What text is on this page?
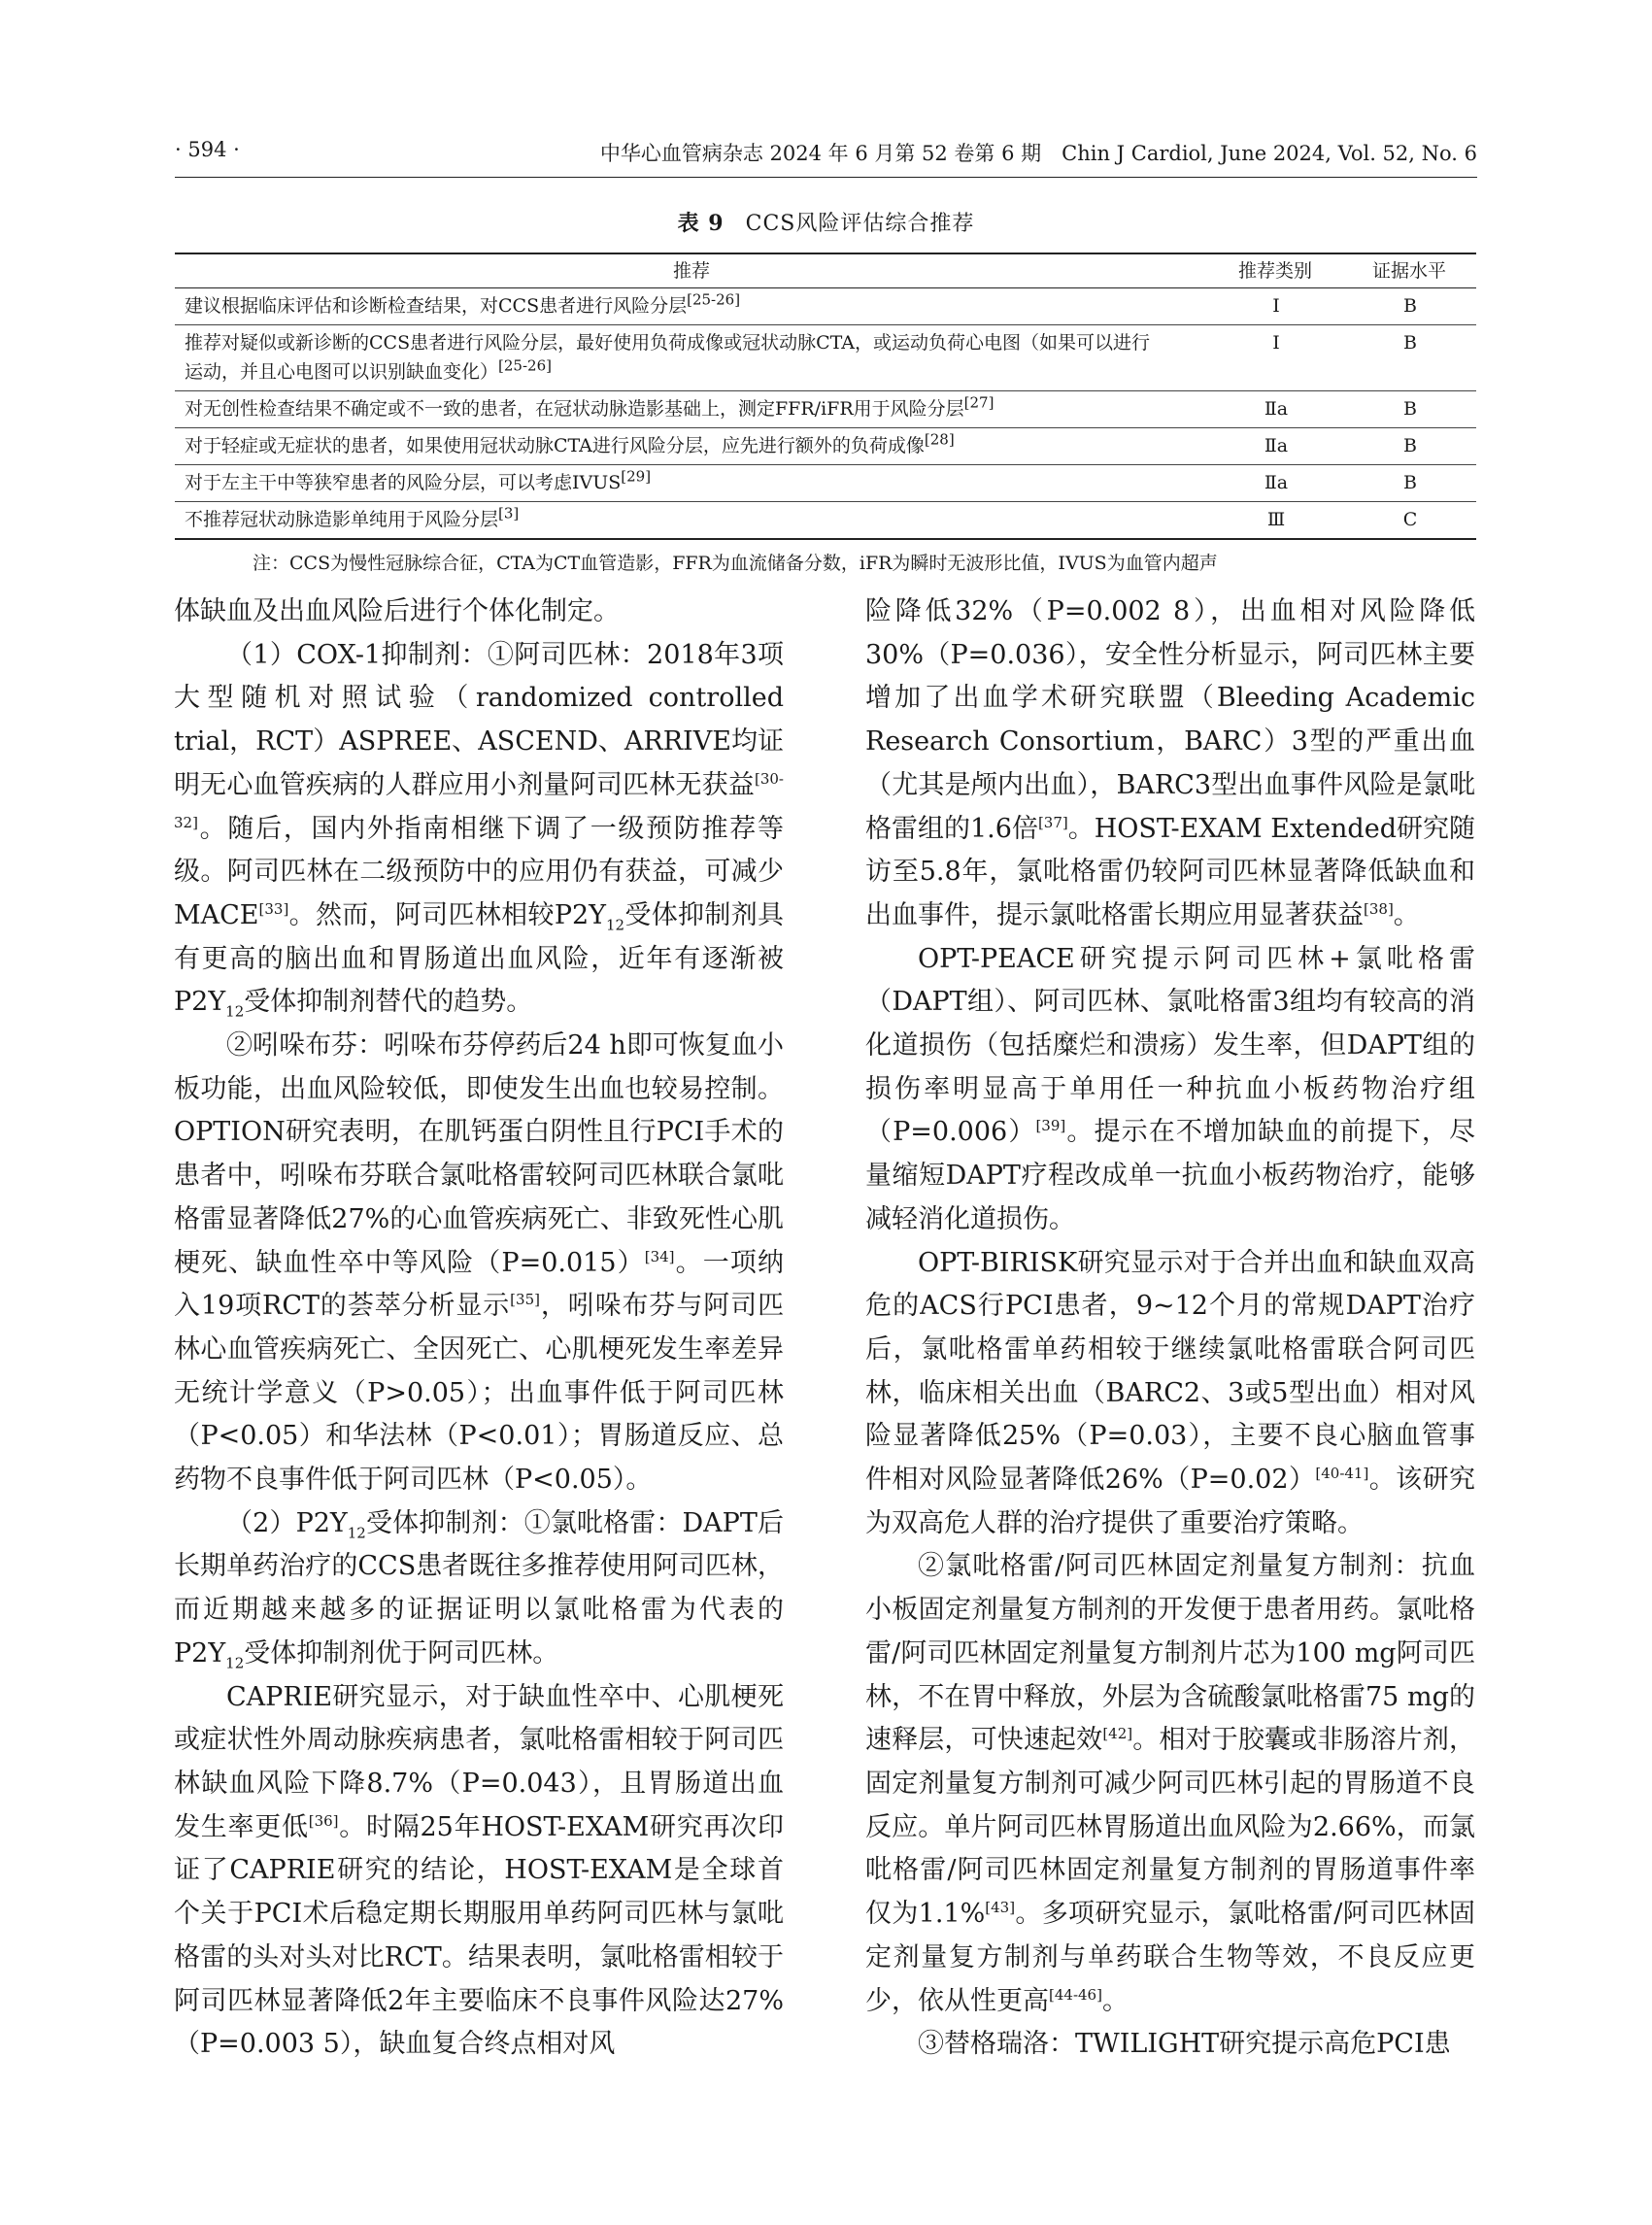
· 594 ·	中华心血管病杂志 2024 年 6 月第 52 卷第 6 期　Chin J Cardiol, June 2024, Vol. 52, No. 6
表 9 CCS风险评估综合推荐
推荐	推荐类别	证据水平
建议根据临床评估和诊断检查结果，对CCS患者进行风险分层[25-26]	Ⅰ	B
推荐对疑似或新诊断的CCS患者进行风险分层，最好使用负荷成像或冠状动脉CTA，或运动负荷心电图（如果可以进行运动，并且心电图可以识别缺血变化）[25-26]	Ⅰ	B
对无创性检查结果不确定或不一致的患者，在冠状动脉造影基础上，测定FFR/iFR用于风险分层[27]	Ⅱa	B
对于轻症或无症状的患者，如果使用冠状动脉CTA进行风险分层，应先进行额外的负荷成像[28]	Ⅱa	B
对于左主干中等狭窄患者的风险分层，可以考虑IVUS[29]	Ⅱa	B
不推荐冠状动脉造影单纯用于风险分层[3]	Ⅲ	C
注：CCS为慢性冠脉综合征，CTA为CT血管造影，FFR为血流储备分数，iFR为瞬时无波形比值，IVUS为血管内超声

体缺血及出血风险后进行个体化制定。

（1）COX-1抑制剂：①阿司匹林：2018年3项大型随机对照试验（randomized controlled trial，RCT）ASPREE、ASCEND、ARRIVE均证明无心血管疾病的人群应用小剂量阿司匹林无获益[30-32]。随后，国内外指南相继下调了一级预防推荐等级。阿司匹林在二级预防中的应用仍有获益，可减少MACE[33]。然而，阿司匹林相较$P2Y_{12}$受体抑制剂具有更高的脑出血和胃肠道出血风险，近年有逐渐被$P2Y_{12}$受体抑制剂替代的趋势。

②吲哚布芬：吲哚布芬停药后24 h即可恢复血小板功能，出血风险较低，即使发生出血也较易控制。OPTION研究表明，在肌钙蛋白阴性且行PCI手术的患者中，吲哚布芬联合氯吡格雷较阿司匹林联合氯吡格雷显著降低27%的心血管疾病死亡、非致死性心肌梗死、缺血性卒中等风险（P=0.015）[34]。一项纳入19项RCT的荟萃分析显示[35]，吲哚布芬与阿司匹林心血管疾病死亡、全因死亡、心肌梗死发生率差异无统计学意义（P>0.05）；出血事件低于阿司匹林（P<0.05）和华法林（P<0.01）；胃肠道反应、总药物不良事件低于阿司匹林（P<0.05）。

$(2)P2Y_{12}$受体抑制剂：①氯吡格雷：DAPT后长期单药治疗的CCS患者既往多推荐使用阿司匹林，而近期越来越多的证据证明以氯吡格雷为代表的$P2Y_{12}$受体抑制剂优于阿司匹林。

CAPRIE研究显示，对于缺血性卒中、心肌梗死或症状性外周动脉疾病患者，氯吡格雷相较于阿司匹林缺血风险下降8.7%（P=0.043），且胃肠道出血发生率更低[36]。时隔25年HOST-EXAM研究再次印证了CAPRIE研究的结论，HOST-EXAM是全球首个关于PCI术后稳定期长期服用单药阿司匹林与氯吡格雷的头对头对比RCT。结果表明，氯吡格雷相较于阿司匹林显著降低2年主要临床不良事件风险达27%（P=0.003 5），缺血复合终点相对风

险降低32%（P=0.002 8），出血相对风险降低30%（P=0.036），安全性分析显示，阿司匹林主要增加了出血学术研究联盟（Bleeding Academic Research Consortium，BARC）3型的严重出血（尤其是颅内出血），BARC3型出血事件风险是氯吡格雷组的1.6倍[37]。HOST-EXAM Extended研究随访至5.8年，氯吡格雷仍较阿司匹林显著降低缺血和出血事件，提示氯吡格雷长期应用显著获益[38]。

OPT-PEACE研究提示阿司匹林+氯吡格雷（DAPT组）、阿司匹林、氯吡格雷3组均有较高的消化道损伤（包括糜烂和溃疡）发生率，但DAPT组的损伤率明显高于单用任一种抗血小板药物治疗组（P=0.006）[39]。提示在不增加缺血的前提下，尽量缩短DAPT疗程改成单一抗血小板药物治疗，能够减轻消化道损伤。

OPT-BIRISK研究显示对于合并出血和缺血双高危的ACS行PCI患者，9~12个月的常规DAPT治疗后，氯吡格雷单药相较于继续氯吡格雷联合阿司匹林，临床相关出血（BARC2、3或5型出血）相对风险显著降低25%（P=0.03），主要不良心脑血管事件相对风险显著降低26%（P=0.02）[40-41]。该研究为双高危人群的治疗提供了重要治疗策略。

②氯吡格雷/阿司匹林固定剂量复方制剂：抗血小板固定剂量复方制剂的开发便于患者用药。氯吡格雷/阿司匹林固定剂量复方制剂片芯为100 mg阿司匹林，不在胃中释放，外层为含硫酸氯吡格雷75 mg的速释层，可快速起效[42]。相对于胶囊或非肠溶片剂，固定剂量复方制剂可减少阿司匹林引起的胃肠道不良反应。单片阿司匹林胃肠道出血风险为2.66%，而氯吡格雷/阿司匹林固定剂量复方制剂的胃肠道事件率仅为1.1%[43]。多项研究显示，氯吡格雷/阿司匹林固定剂量复方制剂与单药联合生物等效，不良反应更少，依从性更高[44-46]。

③替格瑞洛：TWILIGHT研究提示高危PCI患
